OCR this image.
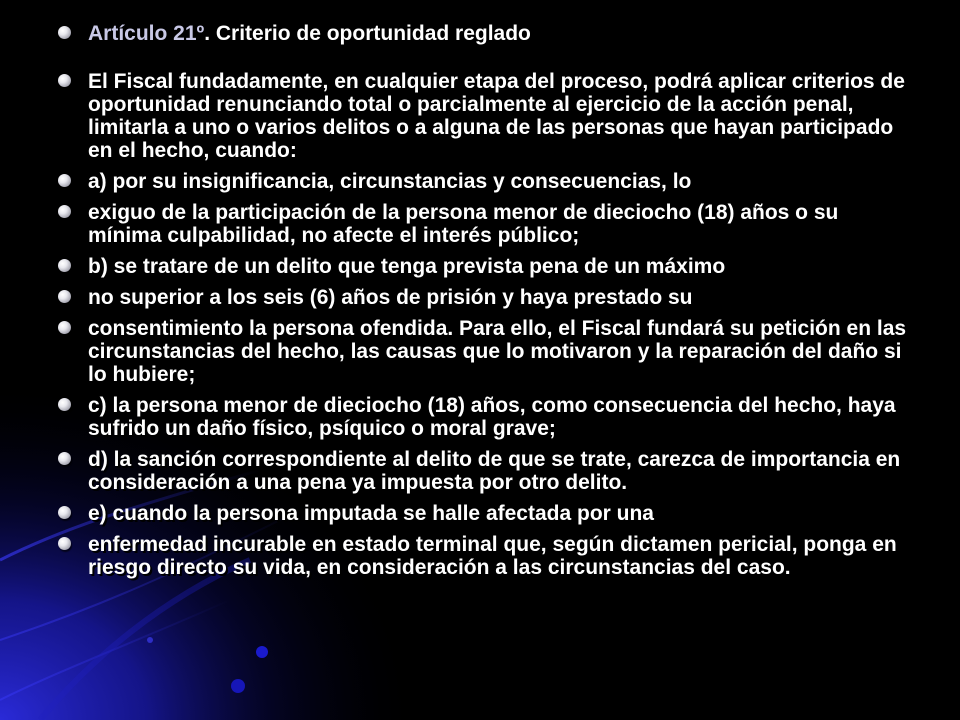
Artículo 21º. Criterio de oportunidad reglado
El Fiscal fundadamente, en cualquier etapa del proceso, podrá aplicar criterios de oportunidad renunciando total o parcialmente al ejercicio de la acción penal, limitarla a uno o varios delitos o a alguna de las personas que hayan participado en el hecho, cuando:
a) por su insignificancia, circunstancias y consecuencias, lo
exiguo de la participación de la persona menor de dieciocho (18) años o su mínima culpabilidad, no afecte el interés público;
b) se tratare de un delito que tenga prevista pena de un máximo
no superior a los seis (6) años de prisión y haya prestado su
consentimiento la persona ofendida. Para ello, el Fiscal fundará su petición en las circunstancias del hecho, las causas que lo motivaron y la reparación del daño si lo hubiere;
c) la persona menor de dieciocho (18) años, como consecuencia del hecho, haya sufrido un daño físico, psíquico o moral grave;
d) la sanción correspondiente al delito de que se trate, carezca de importancia en consideración a una pena ya impuesta por otro delito.
e) cuando la persona imputada se halle afectada por una
enfermedad incurable en estado terminal que, según dictamen pericial, ponga en riesgo directo su vida, en consideración a las circunstancias del caso.
